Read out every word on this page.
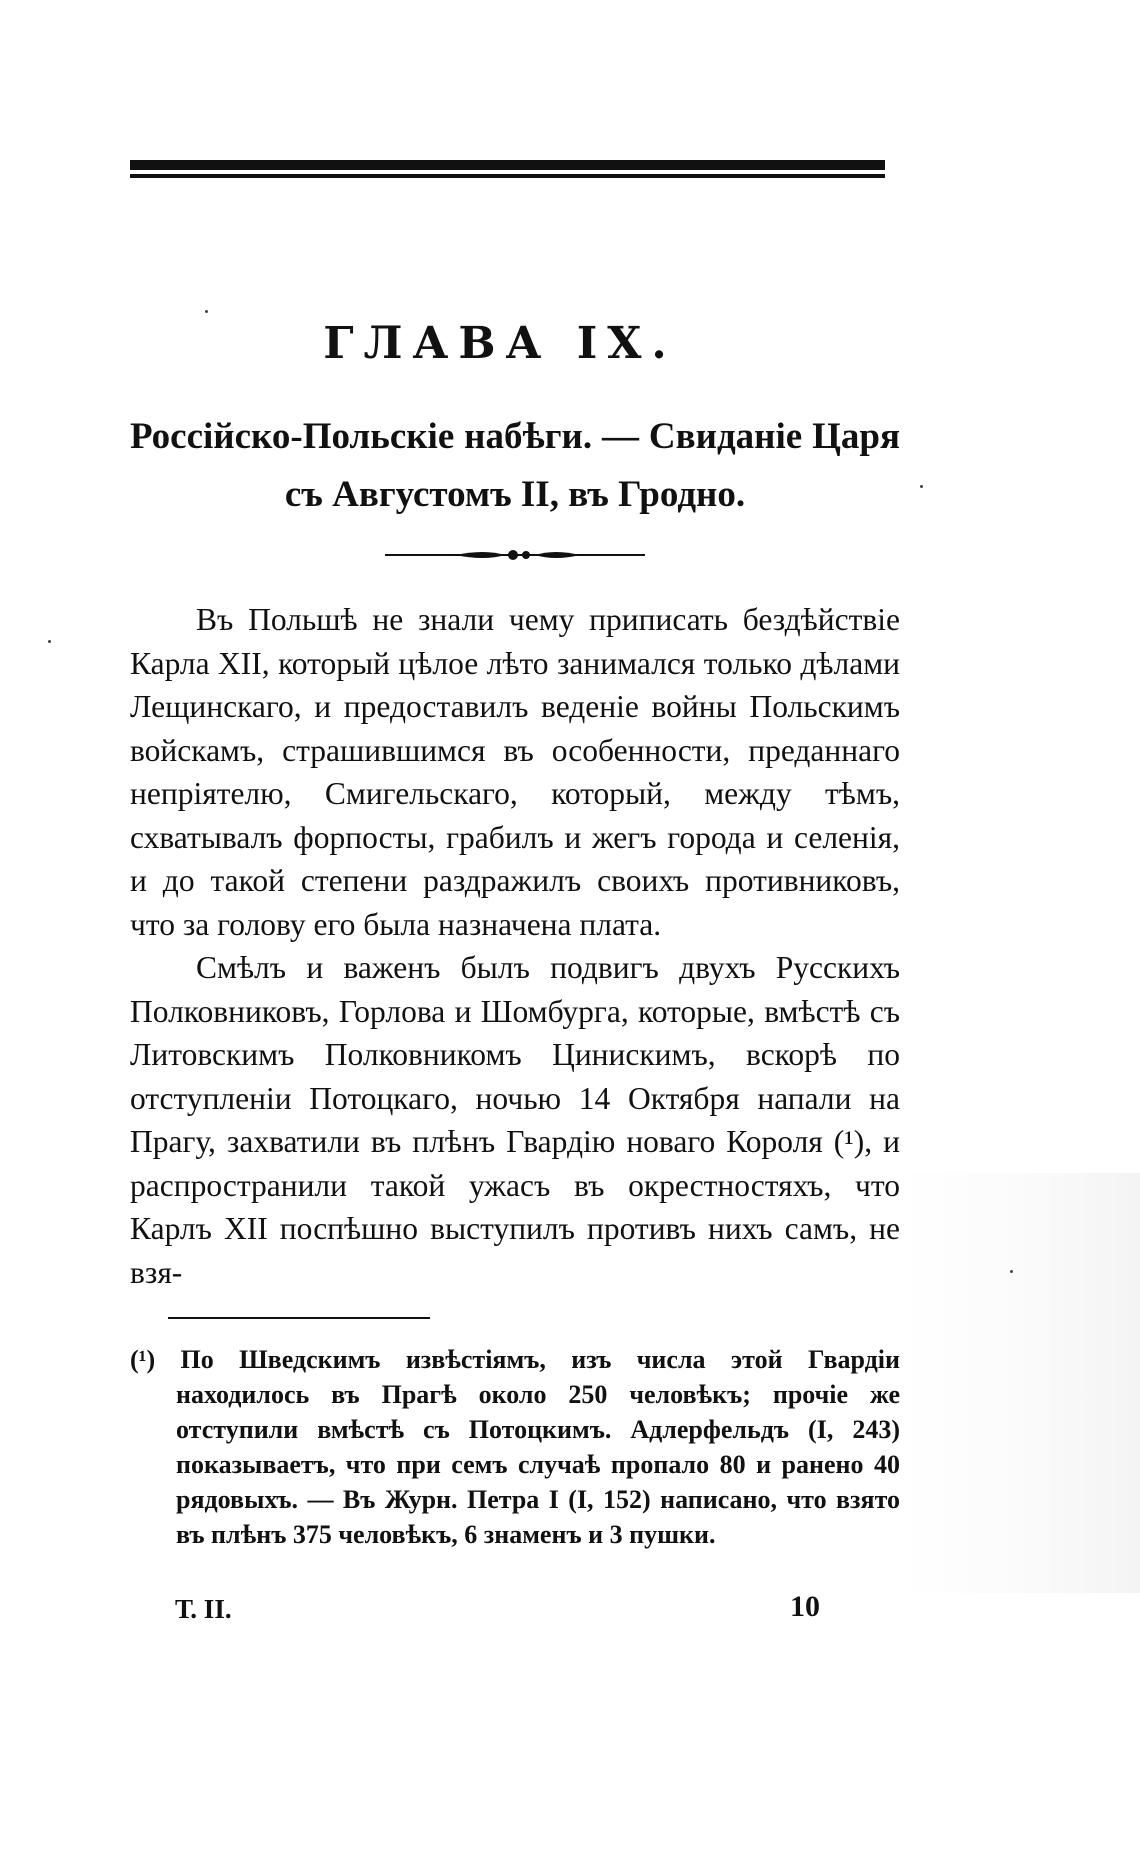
ГЛАВА IX.

Россійско-Польскіе набѣги. — Свиданіе Царя съ Августомъ II, въ Гродно.

Въ Польшѣ не знали чему приписать бездѣйствіе Карла XII, который цѣлое лѣто занимался только дѣлами Лещинскаго, и предоставилъ веденіе войны Польскимъ войскамъ, страшившимся въ особенности, преданнаго непріятелю, Смигельскаго, который, между тѣмъ, схватывалъ форпосты, грабилъ и жегъ города и селенія, и до такой степени раздражилъ своихъ противниковъ, что за голову его была назначена плата.

Смѣлъ и важенъ былъ подвигъ двухъ Русскихъ Полковниковъ, Горлова и Шомбурга, которые, вмѣстѣ съ Литовскимъ Полковникомъ Цинискимъ, вскорѣ по отступленіи Потоцкаго, ночью 14 Октября напали на Прагу, захватили въ плѣнъ Гвардію новаго Короля (¹), и распространили такой ужасъ въ окрестностяхъ, что Карлъ XII поспѣшно выступилъ противъ нихъ самъ, не взя-

(¹) По Шведскимъ извѣстіямъ, изъ числа этой Гвардіи находилось въ Прагѣ около 250 человѣкъ; прочіе же отступили вмѣстѣ съ Потоцкимъ. Адлерфельдъ (I, 243) показываетъ, что при семъ случаѣ пропало 80 и ранено 40 рядовыхъ. — Въ Журн. Петра I (I, 152) написано, что взято въ плѣнъ 375 человѣкъ, 6 знаменъ и 3 пушки.
Т. II.	10
